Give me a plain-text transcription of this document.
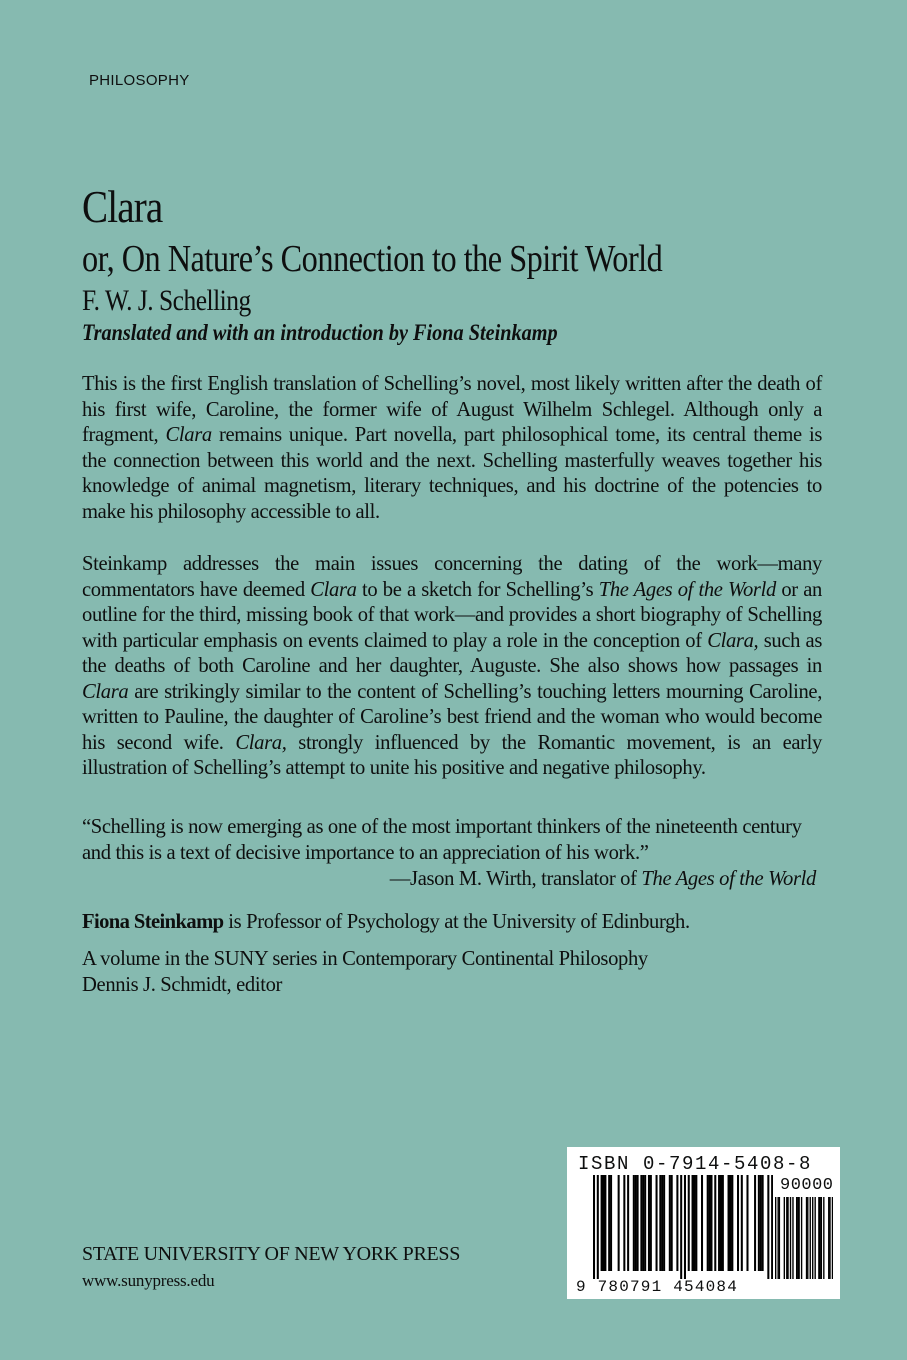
PHILOSOPHY
Clara
or, On Nature’s Connection to the Spirit World
F. W. J. Schelling
Translated and with an introduction by Fiona Steinkamp

This is the first English translation of Schelling’s novel, most likely written after the death of his first wife, Caroline, the former wife of August Wilhelm Schlegel. Although only a fragment, Clara remains unique. Part novella, part philosophical tome, its central theme is the connection between this world and the next. Schelling masterfully weaves together his knowledge of animal magnetism, literary techniques, and his doctrine of the potencies to make his philosophy accessible to all.

Steinkamp addresses the main issues concerning the dating of the work—many commentators have deemed Clara to be a sketch for Schelling’s The Ages of the World or an outline for the third, missing book of that work—and provides a short biography of Schelling with particular emphasis on events claimed to play a role in the conception of Clara, such as the deaths of both Caroline and her daughter, Auguste. She also shows how passages in Clara are strikingly similar to the content of Schelling’s touching letters mourning Caroline, written to Pauline, the daughter of Caroline’s best friend and the woman who would become his second wife. Clara, strongly influenced by the Romantic movement, is an early illustration of Schelling’s attempt to unite his positive and negative philosophy.

“Schelling is now emerging as one of the most important thinkers of the nineteenth century and this is a text of decisive importance to an appreciation of his work.”

—Jason M. Wirth, translator of The Ages of the World

Fiona Steinkamp is Professor of Psychology at the University of Edinburgh.

A volume in the SUNY series in Contemporary Continental Philosophy
Dennis J. Schmidt, editor
STATE UNIVERSITY OF NEW YORK PRESS
www.sunypress.edu
ISBN 0-7914-5408-8
90000
9 780791 454084
